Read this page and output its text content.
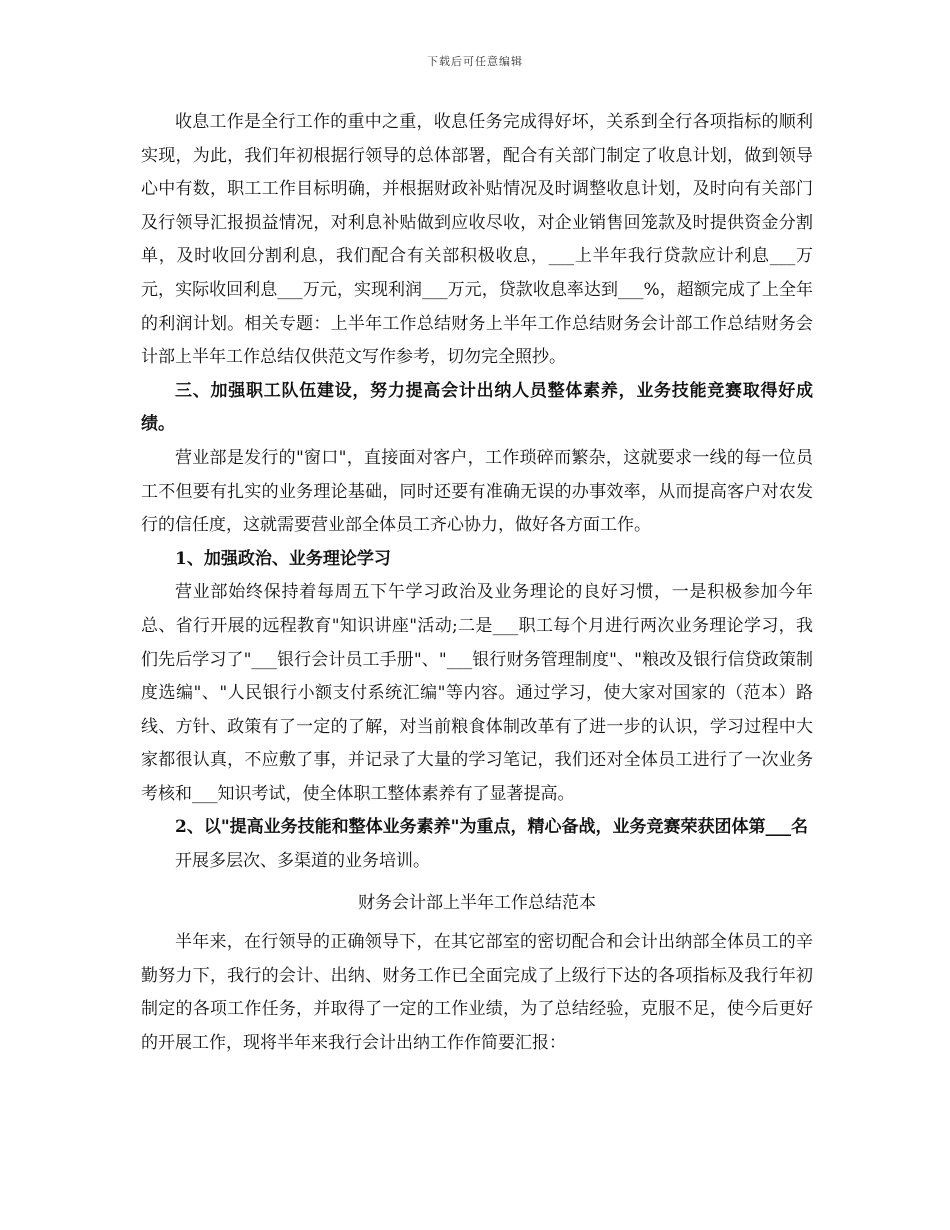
下载后可任意编辑

收息工作是全行工作的重中之重，收息任务完成得好坏，关系到全行各项指标的顺利实现，为此，我们年初根据行领导的总体部署，配合有关部门制定了收息计划，做到领导心中有数，职工工作目标明确，并根据财政补贴情况及时调整收息计划，及时向有关部门及行领导汇报损益情况，对利息补贴做到应收尽收，对企业销售回笼款及时提供资金分割单，及时收回分割利息，我们配合有关部积极收息，___上半年我行贷款应计利息___万元，实际收回利息___万元，实现利润___万元，贷款收息率达到___%，超额完成了上全年的利润计划。相关专题：上半年工作总结财务上半年工作总结财务会计部工作总结财务会计部上半年工作总结仅供范文写作参考，切勿完全照抄。

三、加强职工队伍建设，努力提高会计出纳人员整体素养，业务技能竞赛取得好成绩。

营业部是发行的"窗口"，直接面对客户，工作琐碎而繁杂，这就要求一线的每一位员工不但要有扎实的业务理论基础，同时还要有准确无误的办事效率，从而提高客户对农发行的信任度，这就需要营业部全体员工齐心协力，做好各方面工作。

1、加强政治、业务理论学习

营业部始终保持着每周五下午学习政治及业务理论的良好习惯，一是积极参加今年总、省行开展的远程教育"知识讲座"活动;二是___职工每个月进行两次业务理论学习，我们先后学习了"___银行会计员工手册"、"___银行财务管理制度"、"粮改及银行信贷政策制度选编"、"人民银行小额支付系统汇编"等内容。通过学习，使大家对国家的（范本）路线、方针、政策有了一定的了解，对当前粮食体制改革有了进一步的认识，学习过程中大家都很认真，不应敷了事，并记录了大量的学习笔记，我们还对全体员工进行了一次业务考核和___知识考试，使全体职工整体素养有了显著提高。

2、以"提高业务技能和整体业务素养"为重点，精心备战，业务竞赛荣获团体第___名

开展多层次、多渠道的业务培训。

财务会计部上半年工作总结范本

半年来，在行领导的正确领导下，在其它部室的密切配合和会计出纳部全体员工的辛勤努力下，我行的会计、出纳、财务工作已全面完成了上级行下达的各项指标及我行年初制定的各项工作任务，并取得了一定的工作业绩，为了总结经验，克服不足，使今后更好的开展工作，现将半年来我行会计出纳工作作简要汇报：
